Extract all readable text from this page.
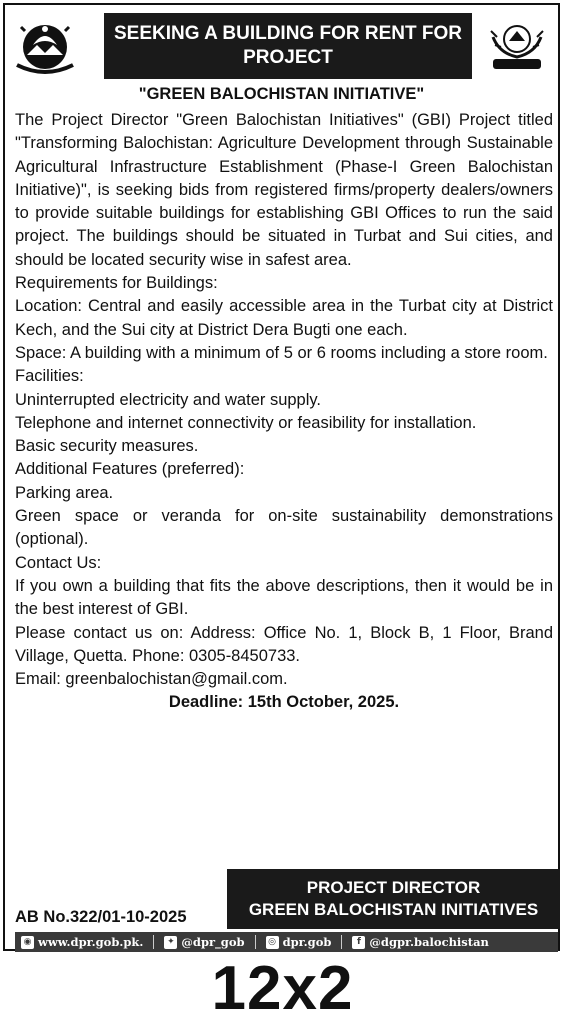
SEEKING A BUILDING FOR RENT FOR
PROJECT
"GREEN BALOCHISTAN INITIATIVE"

The Project Director "Green Balochistan Initiatives" (GBI) Project titled "Transforming Balochistan: Agriculture Development through Sustainable Agricultural Infrastructure Establishment (Phase-I Green Balochistan Initiative)", is seeking bids from registered firms/property dealers/owners to provide suitable buildings for establishing GBI Offices to run the said project. The buildings should be situated in Turbat and Sui cities, and should be located security wise in safest area.

Requirements for Buildings:

Location: Central and easily accessible area in the Turbat city at District Kech, and the Sui city at District Dera Bugti one each.

Space: A building with a minimum of 5 or 6 rooms including a store room.

Facilities:

Uninterrupted electricity and water supply.

Telephone and internet connectivity or feasibility for installation.

Basic security measures.

Additional Features (preferred):

Parking area.

Green space or veranda for on-site sustainability demonstrations (optional).

Contact Us:

If you own a building that fits the above descriptions, then it would be in the best interest of GBI.

Please contact us on: Address: Office No. 1, Block B, 1 Floor, Brand Village, Quetta. Phone: 0305-8450733.

Email: greenbalochistan@gmail.com.

Deadline: 15th October, 2025.

PROJECT DIRECTOR
GREEN BALOCHISTAN INITIATIVES
AB No.322/01-10-2025
◉ www.dpr.gob.pk.	✦ @dpr_gob	◎ dpr.gob	f @dgpr.balochistan
12x2
